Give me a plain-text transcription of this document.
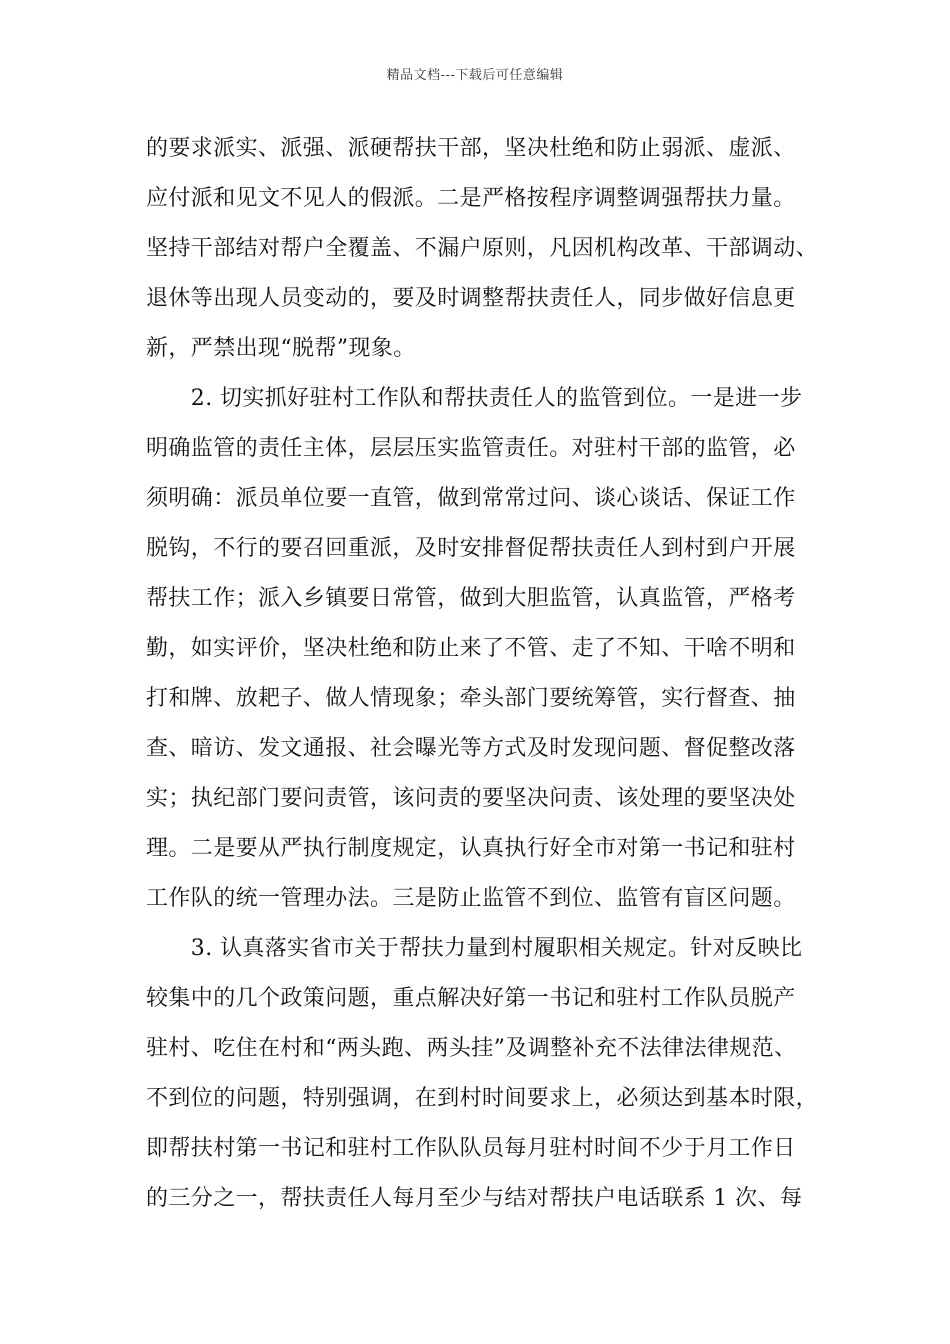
精品文档---下载后可任意编辑
的要求派实、派强、派硬帮扶干部，坚决杜绝和防止弱派、虚派、
应付派和见文不见人的假派。二是严格按程序调整调强帮扶力量。
坚持干部结对帮户全覆盖、不漏户原则，凡因机构改革、干部调动、
退休等出现人员变动的，要及时调整帮扶责任人，同步做好信息更
新，严禁出现“脱帮”现象。
　　2. 切实抓好驻村工作队和帮扶责任人的监管到位。一是进一步
明确监管的责任主体，层层压实监管责任。对驻村干部的监管，必
须明确：派员单位要一直管，做到常常过问、谈心谈话、保证工作
脱钩，不行的要召回重派，及时安排督促帮扶责任人到村到户开展
帮扶工作；派入乡镇要日常管，做到大胆监管，认真监管，严格考
勤，如实评价，坚决杜绝和防止来了不管、走了不知、干啥不明和
打和牌、放耙子、做人情现象；牵头部门要统筹管，实行督查、抽
查、暗访、发文通报、社会曝光等方式及时发现问题、督促整改落
实；执纪部门要问责管，该问责的要坚决问责、该处理的要坚决处
理。二是要从严执行制度规定，认真执行好全市对第一书记和驻村
工作队的统一管理办法。三是防止监管不到位、监管有盲区问题。
　　3. 认真落实省市关于帮扶力量到村履职相关规定。针对反映比
较集中的几个政策问题，重点解决好第一书记和驻村工作队员脱产
驻村、吃住在村和“两头跑、两头挂”及调整补充不法律法律规范、
不到位的问题，特别强调，在到村时间要求上，必须达到基本时限，
即帮扶村第一书记和驻村工作队队员每月驻村时间不少于月工作日
的三分之一，帮扶责任人每月至少与结对帮扶户电话联系 1 次、每
